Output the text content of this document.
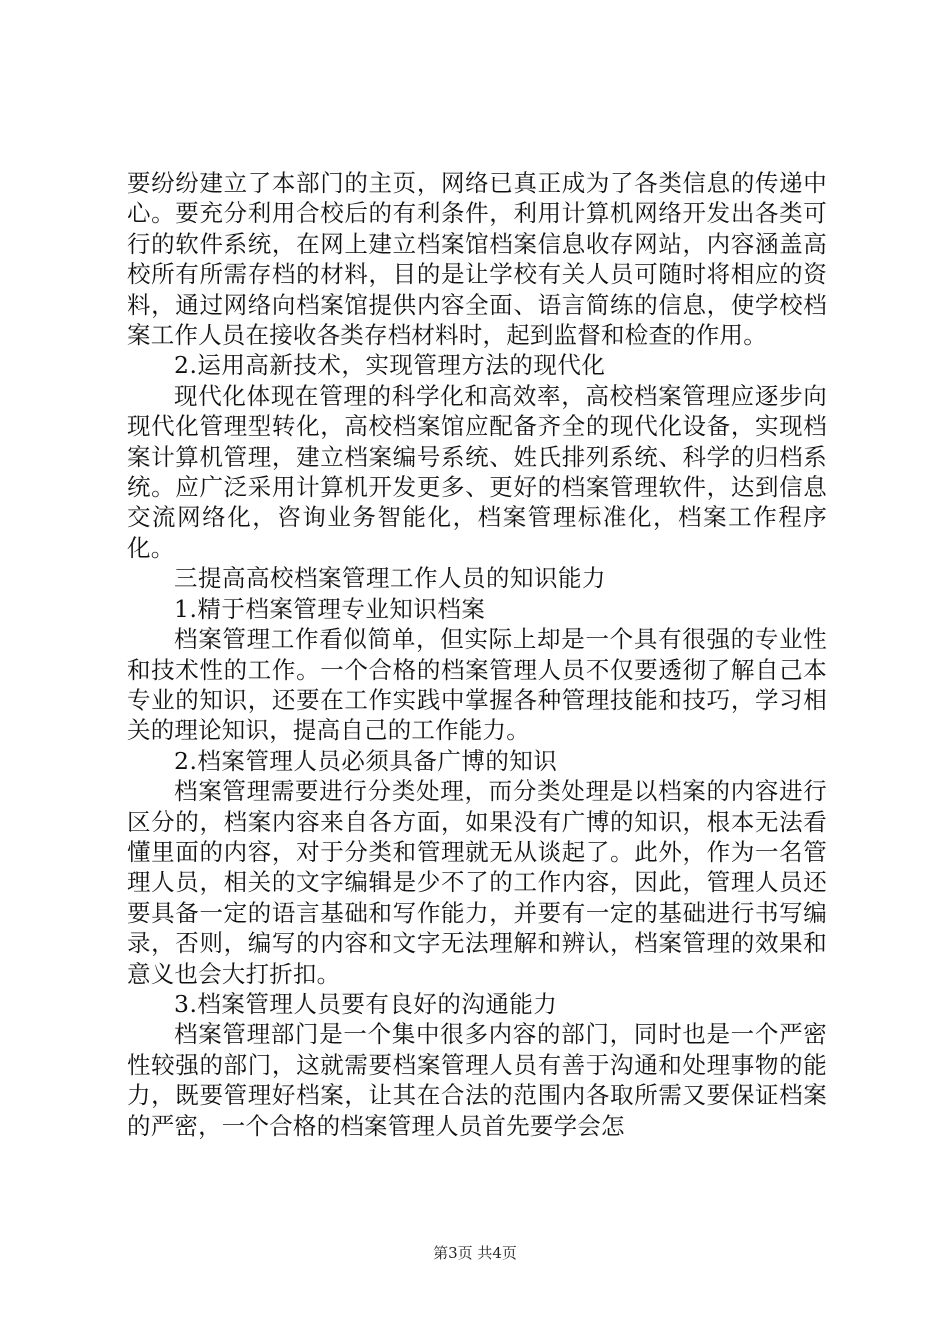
要纷纷建立了本部门的主页，网络已真正成为了各类信息的传递中心。要充分利用合校后的有利条件，利用计算机网络开发出各类可行的软件系统，在网上建立档案馆档案信息收存网站，内容涵盖高校所有所需存档的材料，目的是让学校有关人员可随时将相应的资料，通过网络向档案馆提供内容全面、语言简练的信息，使学校档案工作人员在接收各类存档材料时，起到监督和检查的作用。

2.运用高新技术，实现管理方法的现代化

现代化体现在管理的科学化和高效率，高校档案管理应逐步向现代化管理型转化，高校档案馆应配备齐全的现代化设备，实现档案计算机管理，建立档案编号系统、姓氏排列系统、科学的归档系统。应广泛采用计算机开发更多、更好的档案管理软件，达到信息交流网络化，咨询业务智能化，档案管理标准化，档案工作程序化。

三提高高校档案管理工作人员的知识能力

1.精于档案管理专业知识档案

档案管理工作看似简单，但实际上却是一个具有很强的专业性和技术性的工作。一个合格的档案管理人员不仅要透彻了解自己本专业的知识，还要在工作实践中掌握各种管理技能和技巧，学习相关的理论知识，提高自己的工作能力。

2.档案管理人员必须具备广博的知识

档案管理需要进行分类处理，而分类处理是以档案的内容进行区分的，档案内容来自各方面，如果没有广博的知识，根本无法看懂里面的内容，对于分类和管理就无从谈起了。此外，作为一名管理人员，相关的文字编辑是少不了的工作内容，因此，管理人员还要具备一定的语言基础和写作能力，并要有一定的基础进行书写编录，否则，编写的内容和文字无法理解和辨认，档案管理的效果和意义也会大打折扣。

3.档案管理人员要有良好的沟通能力

档案管理部门是一个集中很多内容的部门，同时也是一个严密性较强的部门，这就需要档案管理人员有善于沟通和处理事物的能力，既要管理好档案，让其在合法的范围内各取所需又要保证档案的严密，一个合格的档案管理人员首先要学会怎

第3页 共4页
